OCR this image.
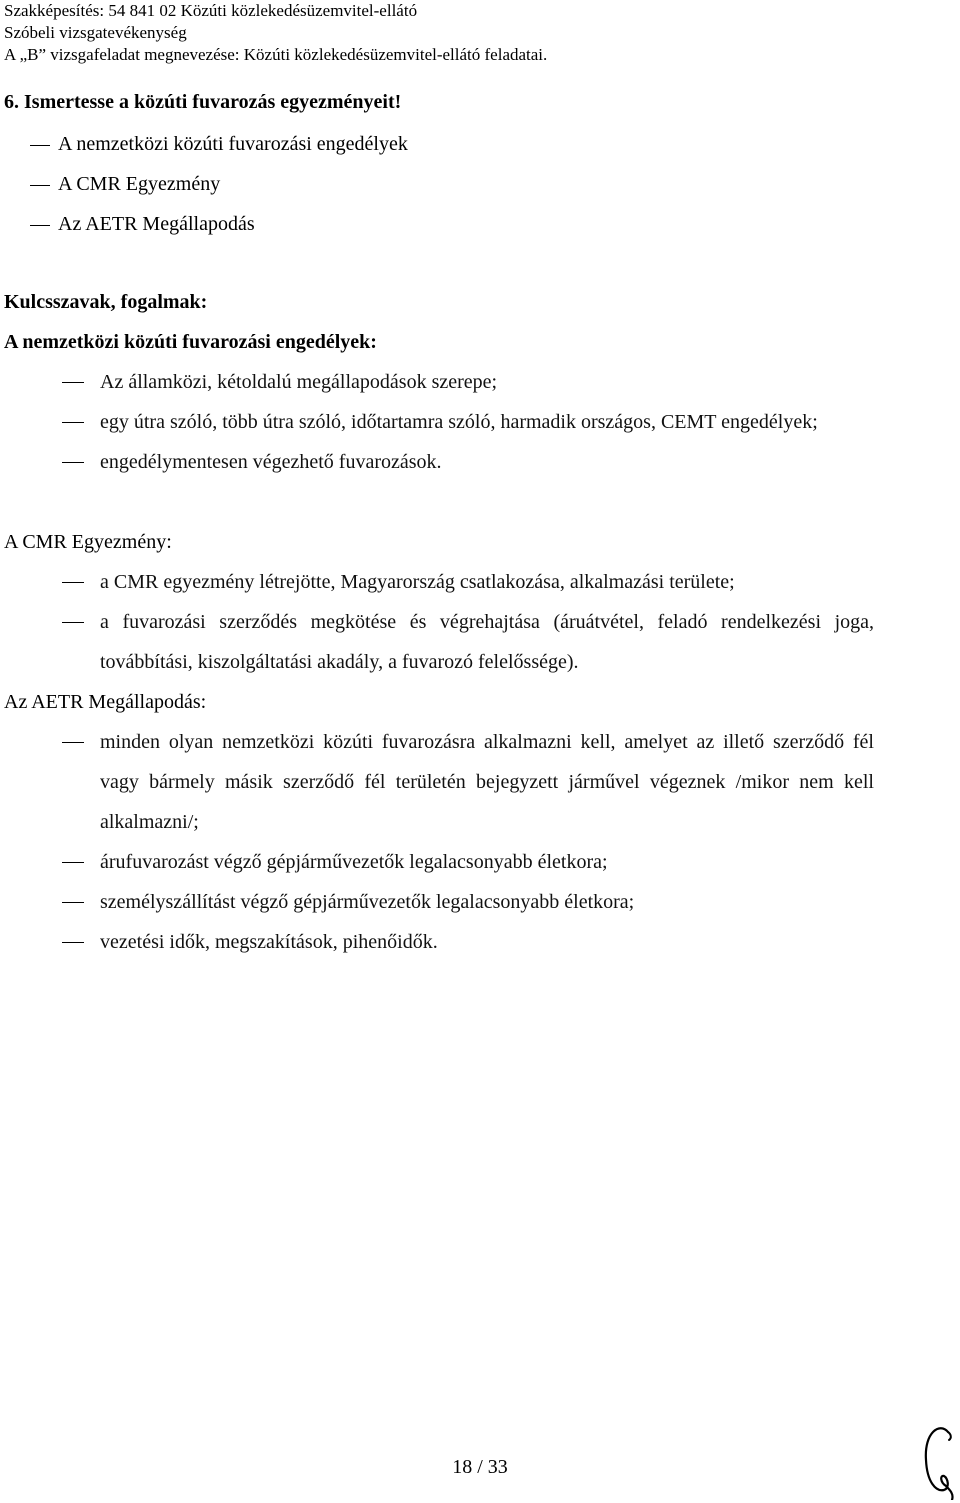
Szakképesítés: 54 841 02 Közúti közlekedésüzemvitel-ellátó
Szóbeli vizsgatevékenység
A „B” vizsgafeladat megnevezése: Közúti közlekedésüzemvitel-ellátó feladatai.
6. Ismertesse a közúti fuvarozás egyezményeit!
A nemzetközi közúti fuvarozási engedélyek
A CMR Egyezmény
Az AETR Megállapodás
Kulcsszavak, fogalmak:
A nemzetközi közúti fuvarozási engedélyek:
Az államközi, kétoldalú megállapodások szerepe;
egy útra szóló, több útra szóló, időtartamra szóló, harmadik országos, CEMT engedélyek;
engedélymentesen végezhető fuvarozások.
A CMR Egyezmény:
a CMR egyezmény létrejötte, Magyarország csatlakozása, alkalmazási területe;
a fuvarozási szerződés megkötése és végrehajtása (áruátvétel, feladó rendelkezési joga, továbbítási, kiszolgáltatási akadály, a fuvarozó felelőssége).
Az AETR Megállapodás:
minden olyan nemzetközi közúti fuvarozásra alkalmazni kell, amelyet az illető szerződő fél vagy bármely másik szerződő fél területén bejegyzett járművel végeznek /mikor nem kell alkalmazni/;
árufuvarozást végző gépjárművezetők legalacsonyabb életkora;
személyszállítást végző gépjárművezetők legalacsonyabb életkora;
vezetési idők, megszakítások, pihenőidők.
18 / 33
